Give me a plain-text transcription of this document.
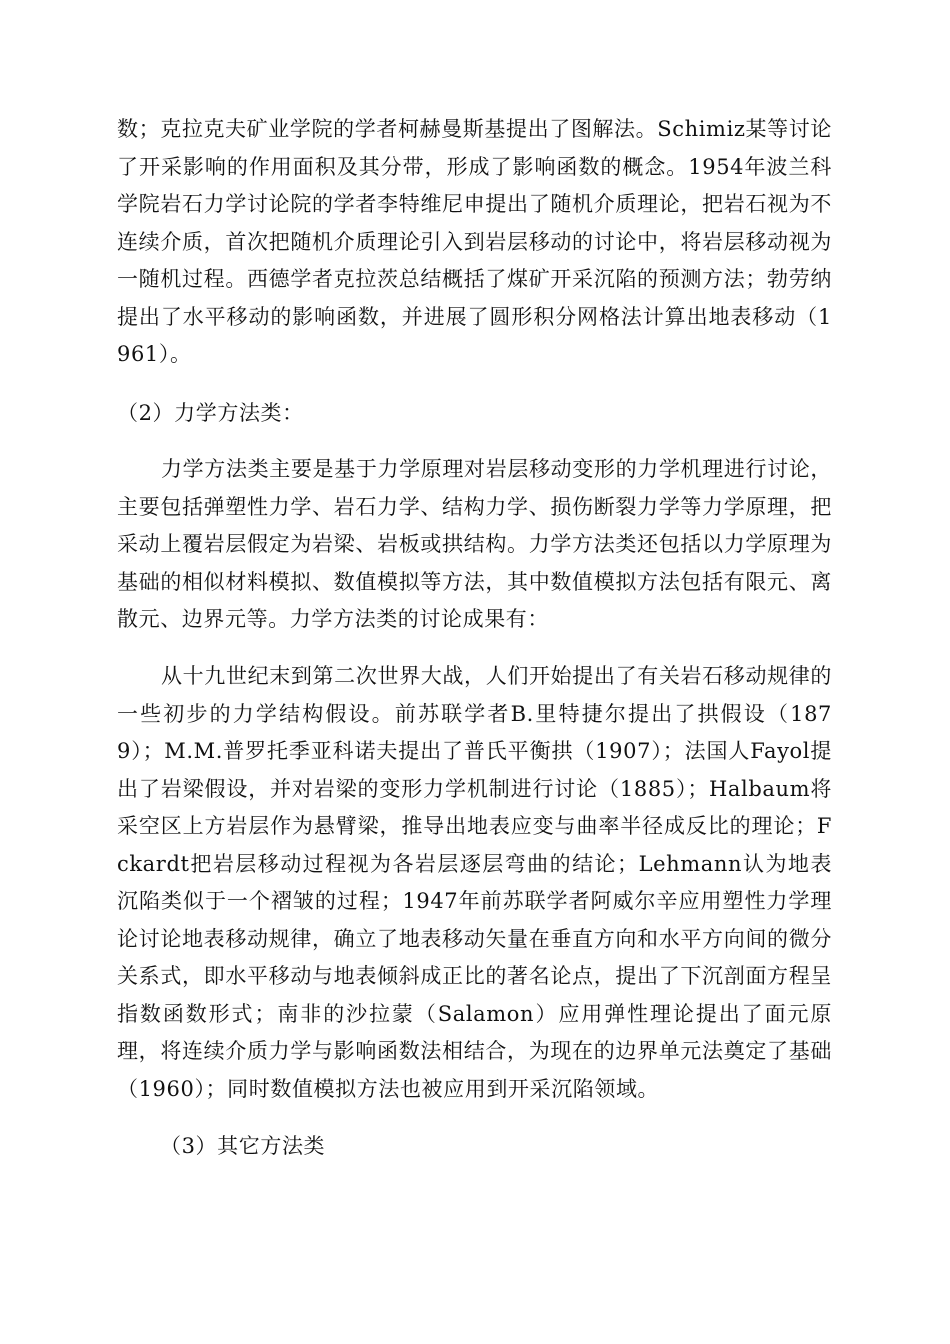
数；克拉克夫矿业学院的学者柯赫曼斯基提出了图解法。Schimiz某等讨论了开采影响的作用面积及其分带，形成了影响函数的概念。1954年波兰科学院岩石力学讨论院的学者李特维尼申提出了随机介质理论，把岩石视为不连续介质，首次把随机介质理论引入到岩层移动的讨论中，将岩层移动视为一随机过程。西德学者克拉茨总结概括了煤矿开采沉陷的预测方法；勃劳纳提出了水平移动的影响函数，并进展了圆形积分网格法计算出地表移动（1961）。

（2）力学方法类：

力学方法类主要是基于力学原理对岩层移动变形的力学机理进行讨论，主要包括弹塑性力学、岩石力学、结构力学、损伤断裂力学等力学原理，把采动上覆岩层假定为岩梁、岩板或拱结构。力学方法类还包括以力学原理为基础的相似材料模拟、数值模拟等方法，其中数值模拟方法包括有限元、离散元、边界元等。力学方法类的讨论成果有：

从十九世纪末到第二次世界大战，人们开始提出了有关岩石移动规律的一些初步的力学结构假设。前苏联学者B.里特捷尔提出了拱假设（1879）；M.M.普罗托季亚科诺夫提出了普氏平衡拱（1907）；法国人Fayol提出了岩梁假设，并对岩梁的变形力学机制进行讨论（1885）；Halbaum将采空区上方岩层作为悬臂梁，推导出地表应变与曲率半径成反比的理论；Fckardt把岩层移动过程视为各岩层逐层弯曲的结论；Lehmann认为地表沉陷类似于一个褶皱的过程；1947年前苏联学者阿威尔辛应用塑性力学理论讨论地表移动规律，确立了地表移动矢量在垂直方向和水平方向间的微分关系式，即水平移动与地表倾斜成正比的著名论点，提出了下沉剖面方程呈指数函数形式；南非的沙拉蒙（Salamon）应用弹性理论提出了面元原理，将连续介质力学与影响函数法相结合，为现在的边界单元法奠定了基础（1960）；同时数值模拟方法也被应用到开采沉陷领域。

（3）其它方法类
